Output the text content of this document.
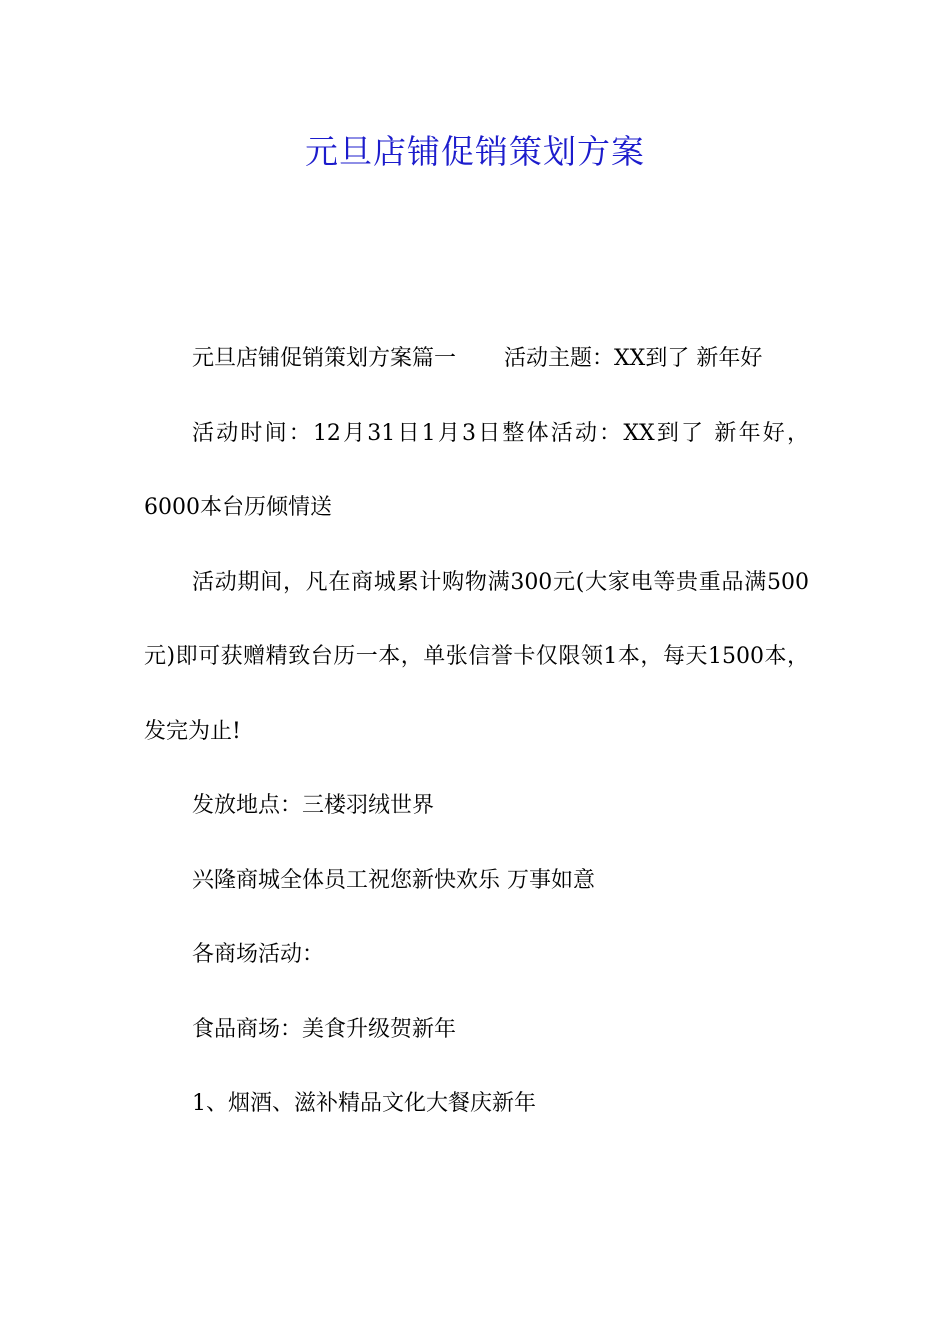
元旦店铺促销策划方案

元旦店铺促销策划方案篇一 活动主题：XX到了 新年好

活动时间：12月31日1月3日整体活动：XX到了 新年好，6000本台历倾情送

活动期间，凡在商城累计购物满300元(大家电等贵重品满500元)即可获赠精致台历一本，单张信誉卡仅限领1本，每天1500本，发完为止!

发放地点：三楼羽绒世界

兴隆商城全体员工祝您新快欢乐 万事如意

各商场活动：

食品商场：美食升级贺新年

1、烟酒、滋补精品文化大餐庆新年
